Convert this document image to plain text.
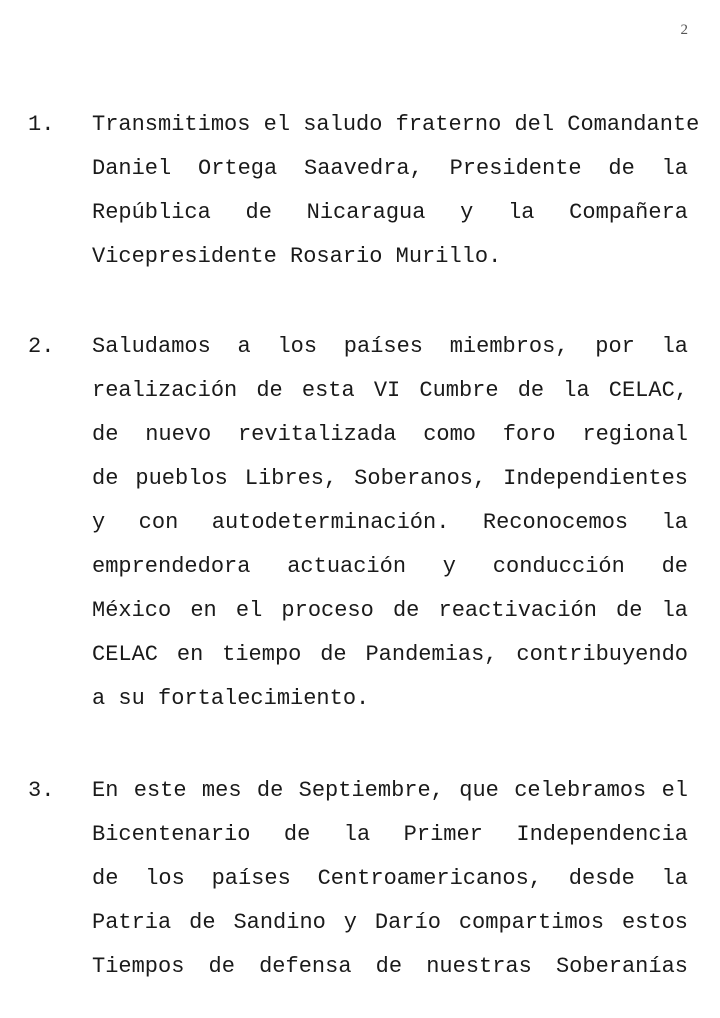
2
1. Transmitimos el saludo fraterno del Comandante
Daniel Ortega Saavedra, Presidente de la
República de Nicaragua y la Compañera
Vicepresidente Rosario Murillo.
2. Saludamos a los países miembros, por la
realización de esta VI Cumbre de la CELAC,
de nuevo revitalizada como foro regional
de pueblos Libres, Soberanos, Independientes
y con autodeterminación. Reconocemos la
emprendedora actuación y conducción de
México en el proceso de reactivación de la
CELAC en tiempo de Pandemias, contribuyendo
a su fortalecimiento.
3. En este mes de Septiembre, que celebramos el
Bicentenario de la Primer Independencia
de los países Centroamericanos, desde la
Patria de Sandino y Darío compartimos estos
Tiempos de defensa de nuestras Soberanías
